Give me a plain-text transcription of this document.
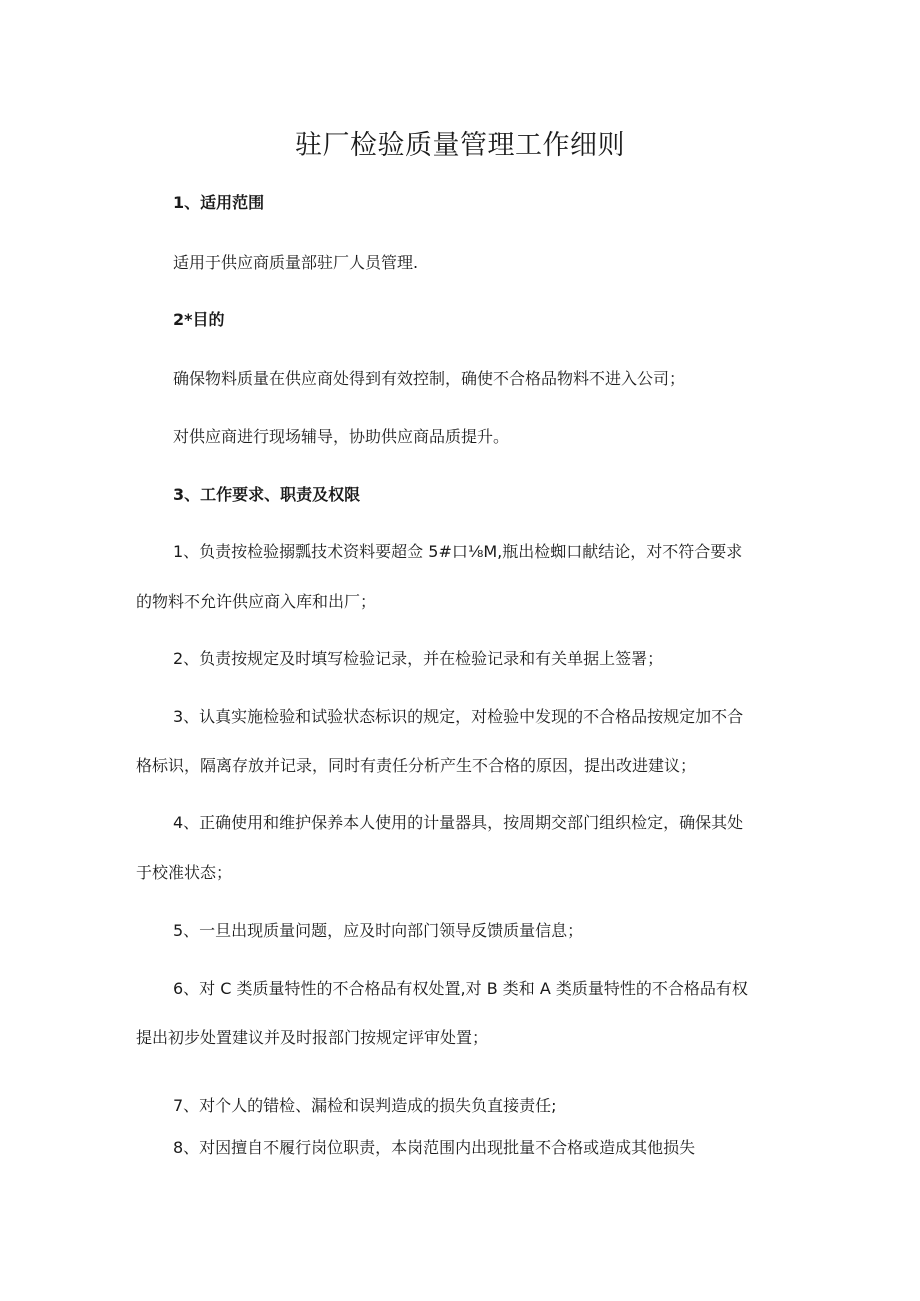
驻厂检验质量管理工作细则
1、适用范围

适用于供应商质量部驻厂人员管理.

2*目的

确保物料质量在供应商处得到有效控制，确使不合格品物料不进入公司；

对供应商进行现场辅导，协助供应商品质提升。

3、工作要求、职责及权限

1、负责按检验搦瓢技术资料要超佥 5#口⅛M,瓶出检蜘口献结论，对不符合要求

的物料不允许供应商入库和出厂；

2、负责按规定及时填写检验记录，并在检验记录和有关单据上签署；

3、认真实施检验和试验状态标识的规定，对检验中发现的不合格品按规定加不合

格标识，隔离存放并记录，同时有责任分析产生不合格的原因，提出改进建议；

4、正确使用和维护保养本人使用的计量器具，按周期交部门组织检定，确保其处

于校准状态；

5、一旦出现质量问题，应及时向部门领导反馈质量信息；

6、对 C 类质量特性的不合格品有权处置,对 B 类和 A 类质量特性的不合格品有权

提出初步处置建议并及时报部门按规定评审处置；

7、对个人的错检、漏检和误判造成的损失负直接责任;

8、对因擅自不履行岗位职责，本岗范围内出现批量不合格或造成其他损失
